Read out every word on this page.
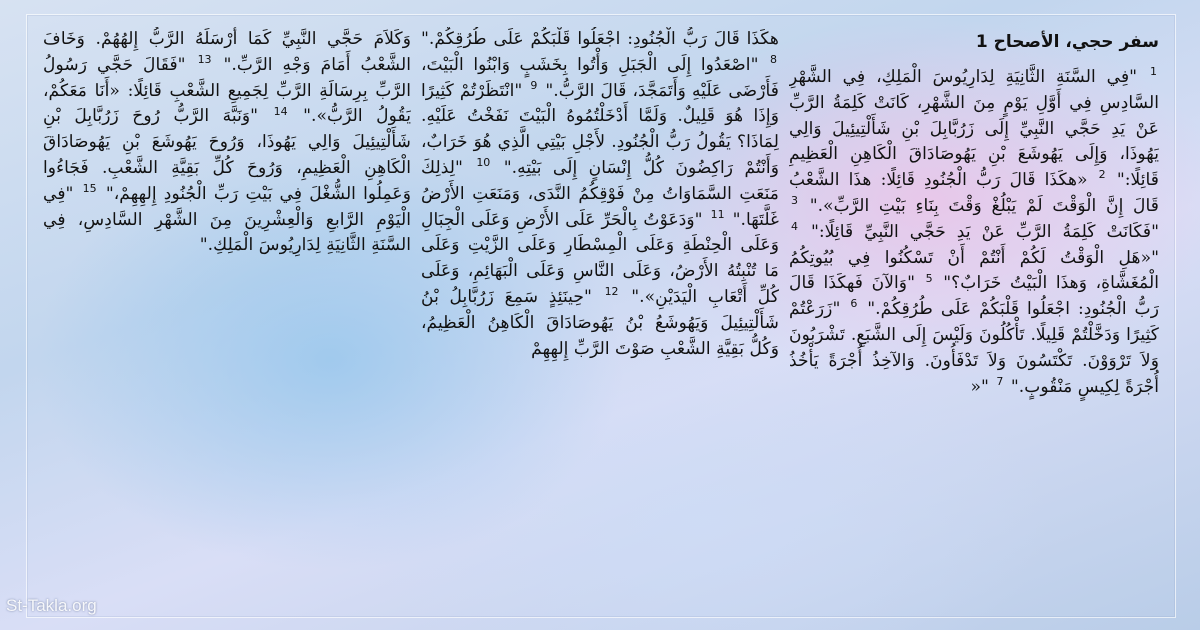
سفر حجي، الأصحاح 1
$^1$ "فِي السَّنَةِ الثَّانِيَةِ لِدَارِيُوسَ الْمَلِكِ، فِي الشَّهْرِ السَّادِسِ فِي أَوَّلِ يَوْمٍ مِنَ الشَّهْرِ، كَانَتْ كَلِمَةُ الرَّبِّ عَنْ يَدِ حَجَّي النَّبِيِّ إِلَى زَرُبَّابِلَ بْنِ شَأَلْتِيئِيلَ وَالِي يَهُوذَا، وَإِلَى يَهُوشَعَ بْنِ يَهُوصَادَاقَ الْكَاهِنِ الْعَظِيمِ قَائِلًا:" $^2$ «هكَذَا قَالَ رَبُّ الْجُنُودِ قَائِلًا: هذَا الشَّعْبُ قَالَ إِنَّ الْوَقْتَ لَمْ يَبْلُغْ وَقْتَ بِنَاءِ بَيْتِ الرَّبِّ»." $^3$ "فَكَانَتْ كَلِمَةُ الرَّبِّ عَنْ يَدِ حَجَّي النَّبِيِّ قَائِلًا:" $^4$ "«هَلِ الْوَقْتُ لَكُمْ أَنْتُمْ أَنْ تَسْكُنُوا فِي بُيُوتِكُمُ الْمُغَشَّاةِ، وَهذَا الْبَيْتُ خَرَابٌ؟" $^5$ "وَالآنَ فَهكَذَا قَالَ رَبُّ الْجُنُودِ: اجْعَلُوا قَلْبَكُمْ عَلَى طُرُقِكُمْ." $^6$ "زَرَعْتُمْ كَثِيرًا وَدَخَّلْتُمْ قَلِيلًا. تَأْكُلُونَ وَلَيْسَ إِلَى الشَّبَعِ. تَشْرَبُونَ وَلاَ تَرْوَوْنَ. تَكْتَسُونَ وَلاَ تَدْفَأُونَ. وَالآخِذُ أُجْرَةً يَأْخُذُ أُجْرَةً لِكِيسٍ مَنْقُوبٍ." $^7$ "«
هكَذَا قَالَ رَبُّ الْجُنُودِ: اجْعَلُوا قَلْبَكُمْ عَلَى طُرُقِكُمْ." $^8$ "اصْعَدُوا إِلَى الْجَبَلِ وَأْتُوا بِخَشَبٍ وَابْنُوا الْبَيْتَ، فَأَرْضَى عَلَيْهِ وَأَتَمَجَّدَ، قَالَ الرَّبُّ." $^9$ "انْتَظَرْتُمْ كَثِيرًا وَإِذَا هُوَ قَلِيلٌ. وَلَمَّا أَدْخَلْتُمُوهُ الْبَيْتَ نَفَخْتُ عَلَيْهِ. لِمَاذَا؟ يَقُولُ رَبُّ الْجُنُودِ. لأَجْلِ بَيْتِي الَّذِي هُوَ خَرَابٌ، وَأَنْتُمْ رَاكِضُونَ كُلُّ إِنْسَانٍ إِلَى بَيْتِهِ." $^{10}$ "لِذلِكَ مَنَعَتِ السَّمَاوَاتُ مِنْ فَوْقِكُمُ النَّدَى، وَمَنَعَتِ الأَرْضُ غَلَّتَهَا." $^{11}$ "وَدَعَوْتُ بِالْحَرِّ عَلَى الأَرْضِ وَعَلَى الْجِبَالِ وَعَلَى الْحِنْطَةِ وَعَلَى الْمِسْطَارِ وَعَلَى الزَّيْتِ وَعَلَى مَا تُنْبِتُهُ الأَرْضُ، وَعَلَى النَّاسِ وَعَلَى الْبَهَائِمِ، وَعَلَى كُلِّ أَتْعَابِ الْيَدَيْنِ»." $^{12}$ "حِينَئِذٍ سَمِعَ زَرُبَّابِلُ بْنُ شَأَلْتِيئِيلَ وَيَهُوشَعُ بْنُ يَهُوصَادَاقَ الْكَاهِنُ الْعَظِيمُ، وَكُلُّ بَقِيَّةِ الشَّعْبِ صَوْتَ الرَّبِّ إِلهِهِمْ
وَكَلاَمَ حَجَّي النَّبِيِّ كَمَا أَرْسَلَهُ الرَّبُّ إِلهُهُمْ. وَخَافَ الشَّعْبُ أَمَامَ وَجْهِ الرَّبِّ." $^{13}$ "فَقَالَ حَجَّي رَسُولُ الرَّبِّ بِرِسَالَةِ الرَّبِّ لِجَمِيعِ الشَّعْبِ قَائِلًا: «أَنَا مَعَكُمْ، يَقُولُ الرَّبُّ»." $^{14}$ "وَنَبَّهَ الرَّبُّ رُوحَ زَرُبَّابِلَ بْنِ شَأَلْتِيئِيلَ وَالِي يَهُوذَا، وَرُوحَ يَهُوشَعَ بْنِ يَهُوصَادَاقَ الْكَاهِنِ الْعَظِيمِ، وَرُوحَ كُلِّ بَقِيَّةِ الشَّعْبِ. فَجَاءُوا وَعَمِلُوا الشُّغْلَ فِي بَيْتِ رَبِّ الْجُنُودِ إِلهِهِمْ،" $^{15}$ "فِي الْيَوْمِ الرَّابعِ وَالْعِشْرِينَ مِنَ الشَّهْرِ السَّادِسِ، فِي السَّنَةِ الثَّانِيَةِ لِدَارِيُوسَ الْمَلِكِ."
St-Takla.org
